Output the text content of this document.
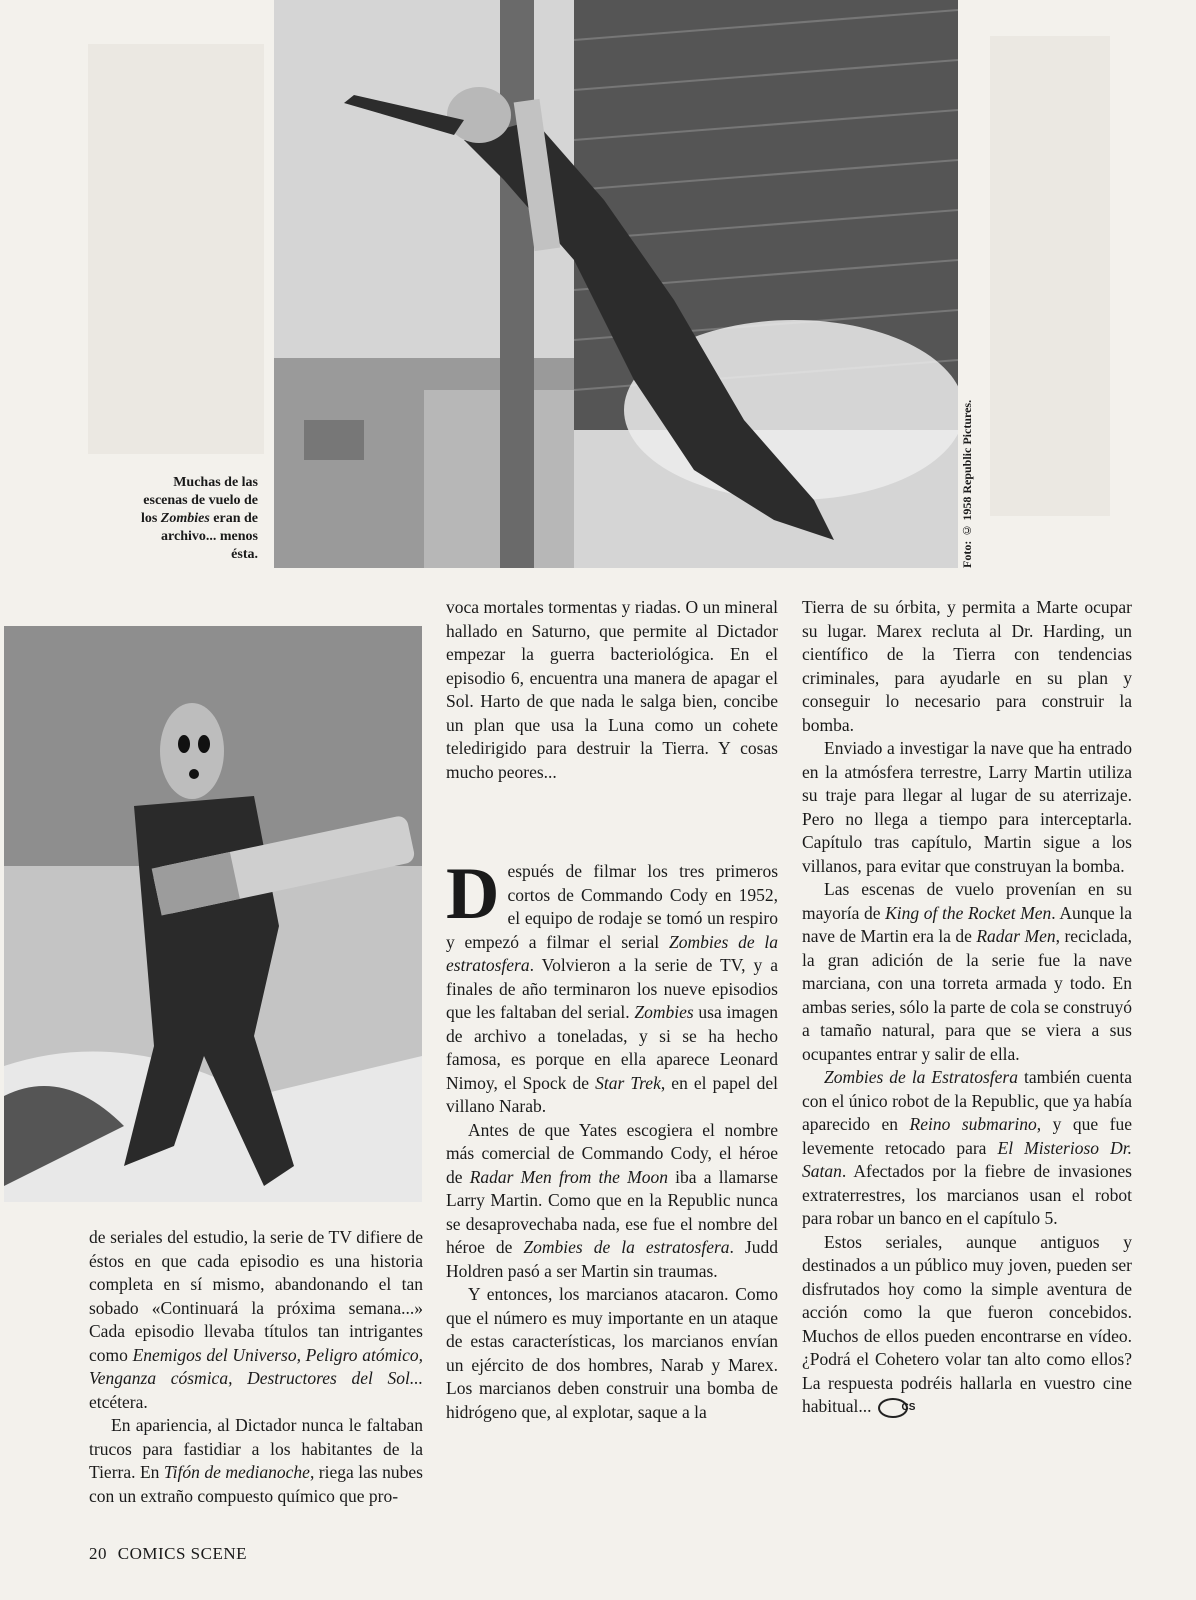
Foto: © 1958 Republic Pictures.
Muchas de las
escenas de vuelo de
los Zombies eran de
archivo... menos
ésta.

de seriales del estudio, la serie de TV difiere de éstos en que cada episodio es una historia completa en sí mismo, abandonando el tan sobado «Continuará la próxima semana...» Cada episodio llevaba títulos tan intrigantes como Enemigos del Universo, Peligro atómico, Venganza cósmica, Destructores del Sol... etcétera.

En apariencia, al Dictador nunca le faltaban trucos para fastidiar a los habitantes de la Tierra. En Tifón de medianoche, riega las nubes con un extraño compuesto químico que pro-

voca mortales tormentas y riadas. O un mineral hallado en Saturno, que permite al Dictador empezar la guerra bacteriológica. En el episodio 6, encuentra una manera de apagar el Sol. Harto de que nada le salga bien, concibe un plan que usa la Luna como un cohete teledirigido para destruir la Tierra. Y cosas mucho peores...

Después de filmar los tres primeros cortos de Commando Cody en 1952, el equipo de rodaje se tomó un respiro y empezó a filmar el serial Zombies de la estratosfera. Volvieron a la serie de TV, y a finales de año terminaron los nueve episodios que les faltaban del serial. Zombies usa imagen de archivo a toneladas, y si se ha hecho famosa, es porque en ella aparece Leonard Nimoy, el Spock de Star Trek, en el papel del villano Narab.

Antes de que Yates escogiera el nombre más comercial de Commando Cody, el héroe de Radar Men from the Moon iba a llamarse Larry Martin. Como que en la Republic nunca se desaprovechaba nada, ese fue el nombre del héroe de Zombies de la estratosfera. Judd Holdren pasó a ser Martin sin traumas.

Y entonces, los marcianos atacaron. Como que el número es muy importante en un ataque de estas características, los marcianos envían un ejército de dos hombres, Narab y Marex. Los marcianos deben construir una bomba de hidrógeno que, al explotar, saque a la

Tierra de su órbita, y permita a Marte ocupar su lugar. Marex recluta al Dr. Harding, un científico de la Tierra con tendencias criminales, para ayudarle en su plan y conseguir lo necesario para construir la bomba.

Enviado a investigar la nave que ha entrado en la atmósfera terrestre, Larry Martin utiliza su traje para llegar al lugar de su aterrizaje. Pero no llega a tiempo para interceptarla. Capítulo tras capítulo, Martin sigue a los villanos, para evitar que construyan la bomba.

Las escenas de vuelo provenían en su mayoría de King of the Rocket Men. Aunque la nave de Martin era la de Radar Men, reciclada, la gran adición de la serie fue la nave marciana, con una torreta armada y todo. En ambas series, sólo la parte de cola se construyó a tamaño natural, para que se viera a sus ocupantes entrar y salir de ella.

Zombies de la Estratosfera también cuenta con el único robot de la Republic, que ya había aparecido en Reino submarino, y que fue levemente retocado para El Misterioso Dr. Satan. Afectados por la fiebre de invasiones extraterrestres, los marcianos usan el robot para robar un banco en el capítulo 5.

Estos seriales, aunque antiguos y destinados a un público muy joven, pueden ser disfrutados hoy como la simple aventura de acción como la que fueron concebidos. Muchos de ellos pueden encontrarse en vídeo. ¿Podrá el Cohetero volar tan alto como ellos? La respuesta podréis hallarla en vuestro cine habitual...	CS

20 COMICS SCENE
